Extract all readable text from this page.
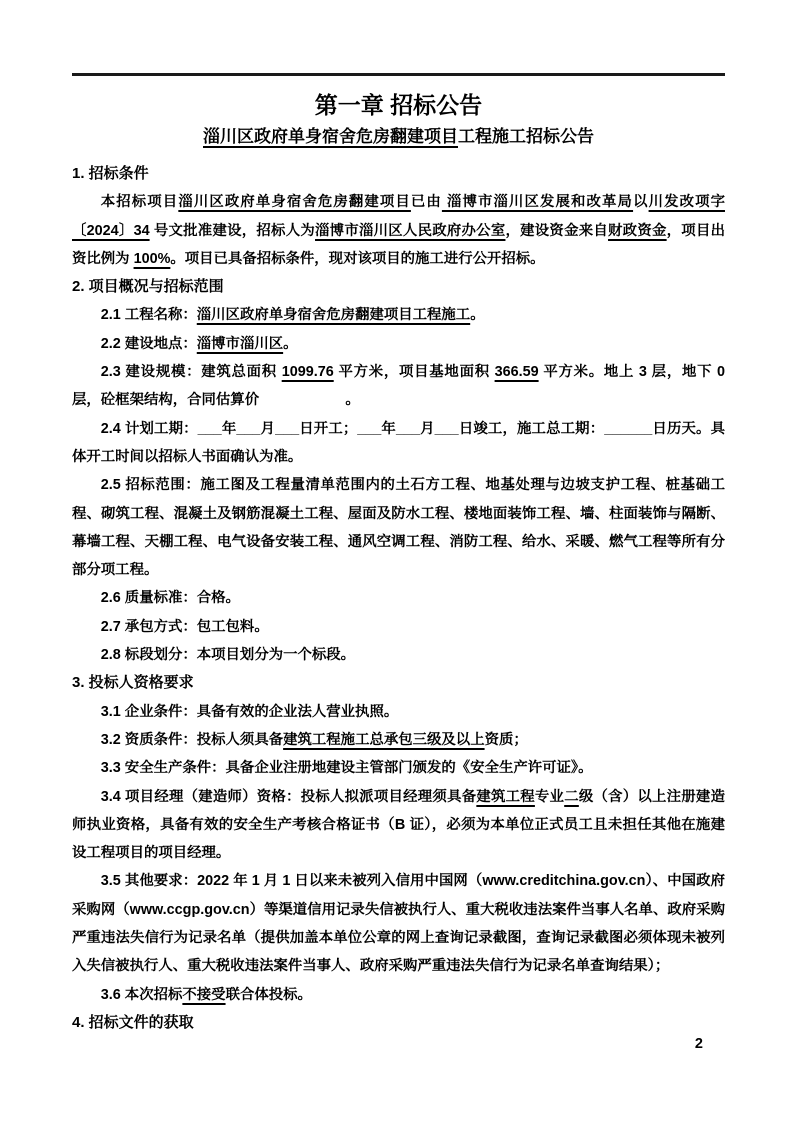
第一章 招标公告

淄川区政府单身宿舍危房翻建项目工程施工招标公告

1. 招标条件

本招标项目淄川区政府单身宿舍危房翻建项目已由 淄博市淄川区发展和改革局以川发改项字〔2024〕34 号文批准建设，招标人为淄博市淄川区人民政府办公室，建设资金来自财政资金，项目出资比例为 100%。项目已具备招标条件，现对该项目的施工进行公开招标。

2. 项目概况与招标范围

2.1 工程名称：淄川区政府单身宿舍危房翻建项目工程施工。

2.2 建设地点：淄博市淄川区。

2.3 建设规模：建筑总面积 1099.76 平方米，项目基地面积 366.59 平方米。地上 3 层，地下 0 层，砼框架结构，合同估算价　　　　　　。

2.4 计划工期：___年___月___日开工；___年___月___日竣工，施工总工期：______日历天。具体开工时间以招标人书面确认为准。

2.5 招标范围：施工图及工程量清单范围内的土石方工程、地基处理与边坡支护工程、桩基础工程、砌筑工程、混凝土及钢筋混凝土工程、屋面及防水工程、楼地面装饰工程、墙、柱面装饰与隔断、幕墙工程、天棚工程、电气设备安装工程、通风空调工程、消防工程、给水、采暖、燃气工程等所有分部分项工程。

2.6 质量标准：合格。

2.7 承包方式：包工包料。

2.8 标段划分：本项目划分为一个标段。

3. 投标人资格要求

3.1 企业条件：具备有效的企业法人营业执照。

3.2 资质条件：投标人须具备建筑工程施工总承包三级及以上资质；

3.3 安全生产条件：具备企业注册地建设主管部门颁发的《安全生产许可证》。

3.4 项目经理（建造师）资格：投标人拟派项目经理须具备建筑工程专业二级（含）以上注册建造师执业资格，具备有效的安全生产考核合格证书（B 证），必须为本单位正式员工且未担任其他在施建设工程项目的项目经理。

3.5 其他要求：2022 年 1 月 1 日以来未被列入信用中国网（www.creditchina.gov.cn）、中国政府采购网（www.ccgp.gov.cn）等渠道信用记录失信被执行人、重大税收违法案件当事人名单、政府采购严重违法失信行为记录名单（提供加盖本单位公章的网上查询记录截图，查询记录截图必须体现未被列入失信被执行人、重大税收违法案件当事人、政府采购严重违法失信行为记录名单查询结果）；

3.6 本次招标不接受联合体投标。

4. 招标文件的获取

2
